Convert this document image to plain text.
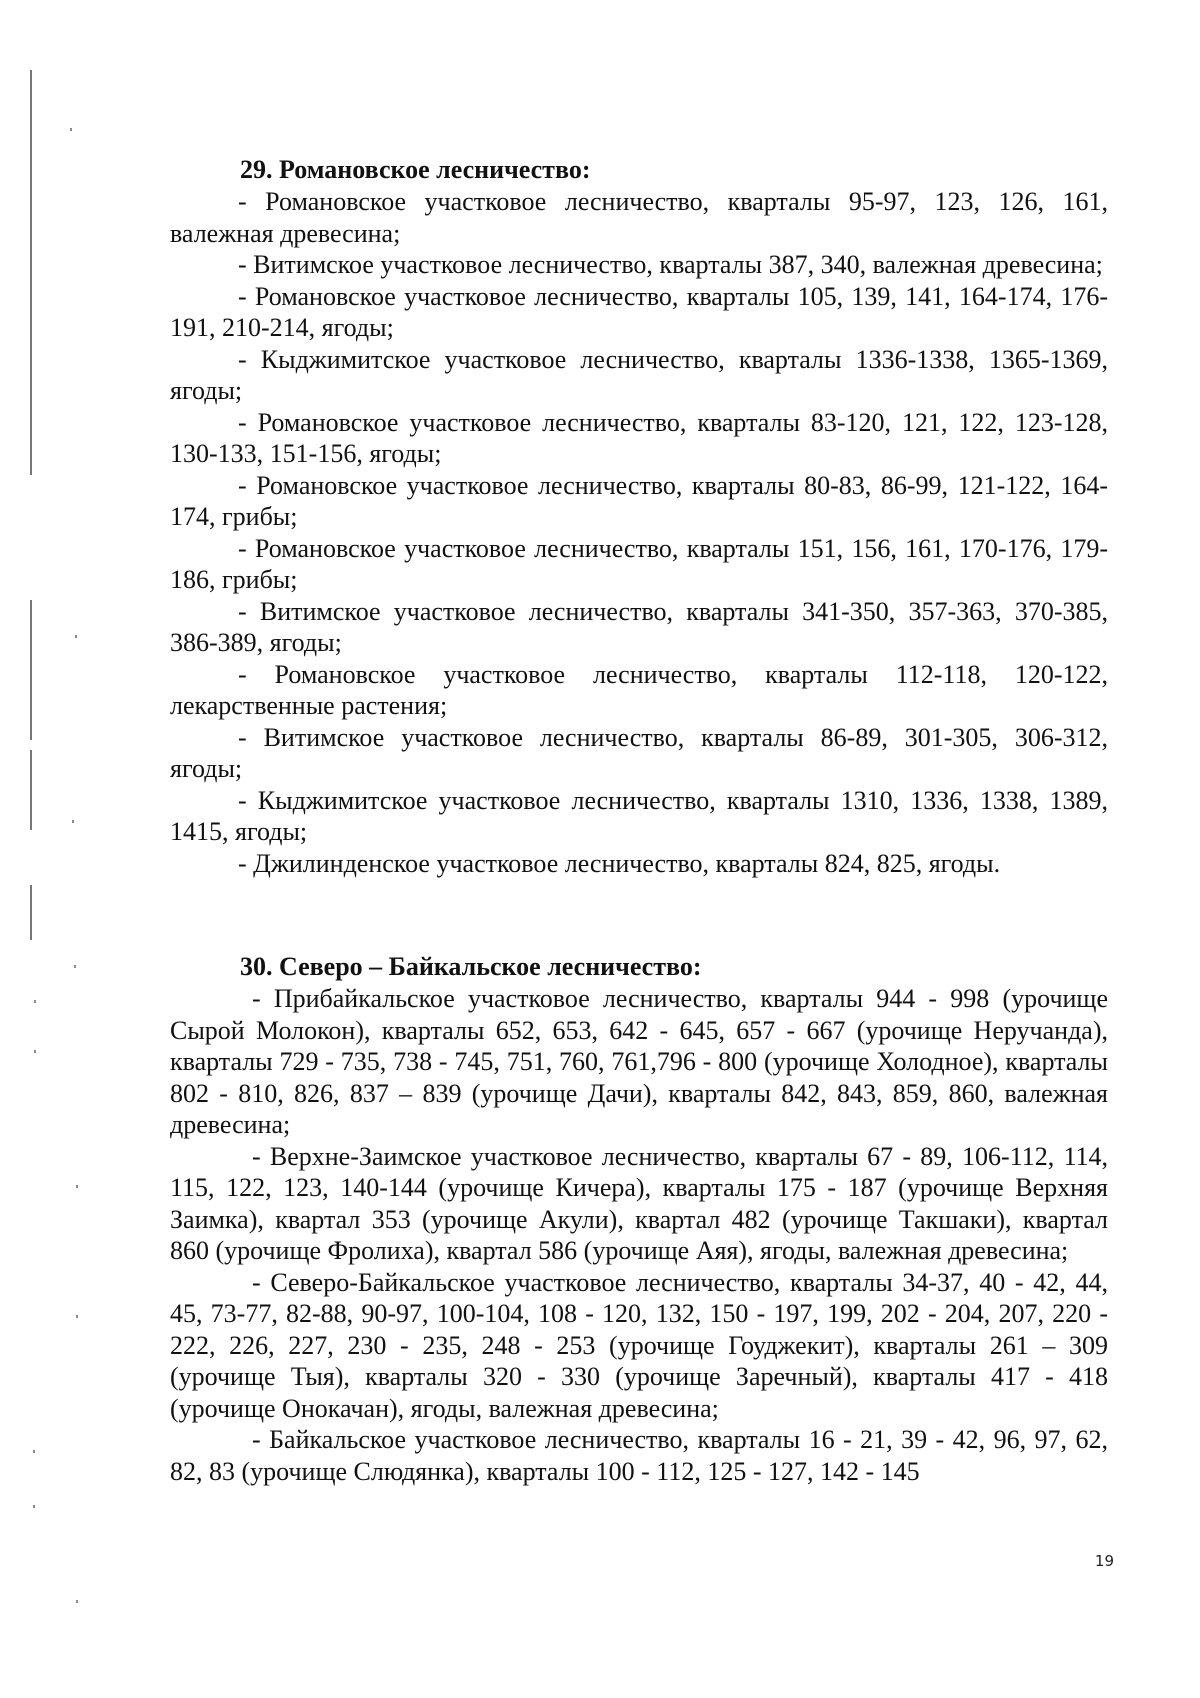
29. Романовское лесничество:

- Романовское участковое лесничество, кварталы 95-97, 123, 126, 161, валежная древесина;

- Витимское участковое лесничество, кварталы 387, 340, валежная древесина;

- Романовское участковое лесничество, кварталы 105, 139, 141, 164-174, 176-191, 210-214, ягоды;

- Кыджимитское участковое лесничество, кварталы 1336-1338, 1365-1369, ягоды;

- Романовское участковое лесничество, кварталы 83-120, 121, 122, 123-128, 130-133, 151-156, ягоды;

- Романовское участковое лесничество, кварталы 80-83, 86-99, 121-122, 164-174, грибы;

- Романовское участковое лесничество, кварталы 151, 156, 161, 170-176, 179-186, грибы;

- Витимское участковое лесничество, кварталы 341-350, 357-363, 370-385, 386-389, ягоды;

- Романовское участковое лесничество, кварталы 112-118, 120-122, лекарственные растения;

- Витимское участковое лесничество, кварталы 86-89, 301-305, 306-312, ягоды;

- Кыджимитское участковое лесничество, кварталы 1310, 1336, 1338, 1389, 1415, ягоды;

- Джилинденское участковое лесничество, кварталы 824, 825, ягоды.

30. Северо – Байкальское лесничество:

- Прибайкальское участковое лесничество, кварталы 944 - 998 (урочище Сырой Молокон), кварталы 652, 653, 642 - 645, 657 - 667 (урочище Неручанда), кварталы 729 - 735, 738 - 745, 751, 760, 761,796 - 800 (урочище Холодное), кварталы 802 - 810, 826, 837 – 839 (урочище Дачи), кварталы 842, 843, 859, 860, валежная древесина;

- Верхне-Заимское участковое лесничество, кварталы 67 - 89, 106-112, 114, 115, 122, 123, 140-144 (урочище Кичера), кварталы 175 - 187 (урочище Верхняя Заимка), квартал 353 (урочище Акули), квартал 482 (урочище Такшаки), квартал 860 (урочище Фролиха), квартал 586 (урочище Аяя), ягоды, валежная древесина;

- Северо-Байкальское участковое лесничество, кварталы 34-37, 40 - 42, 44, 45, 73-77, 82-88, 90-97, 100-104, 108 - 120, 132, 150 - 197, 199, 202 - 204, 207, 220 - 222, 226, 227, 230 - 235, 248 - 253 (урочище Гоуджекит), кварталы 261 – 309 (урочище Тыя), кварталы 320 - 330 (урочище Заречный), кварталы 417 - 418 (урочище Онокачан), ягоды, валежная древесина;

- Байкальское участковое лесничество, кварталы 16 - 21, 39 - 42, 96, 97, 62, 82, 83 (урочище Слюдянка), кварталы 100 - 112, 125 - 127, 142 - 145

19
